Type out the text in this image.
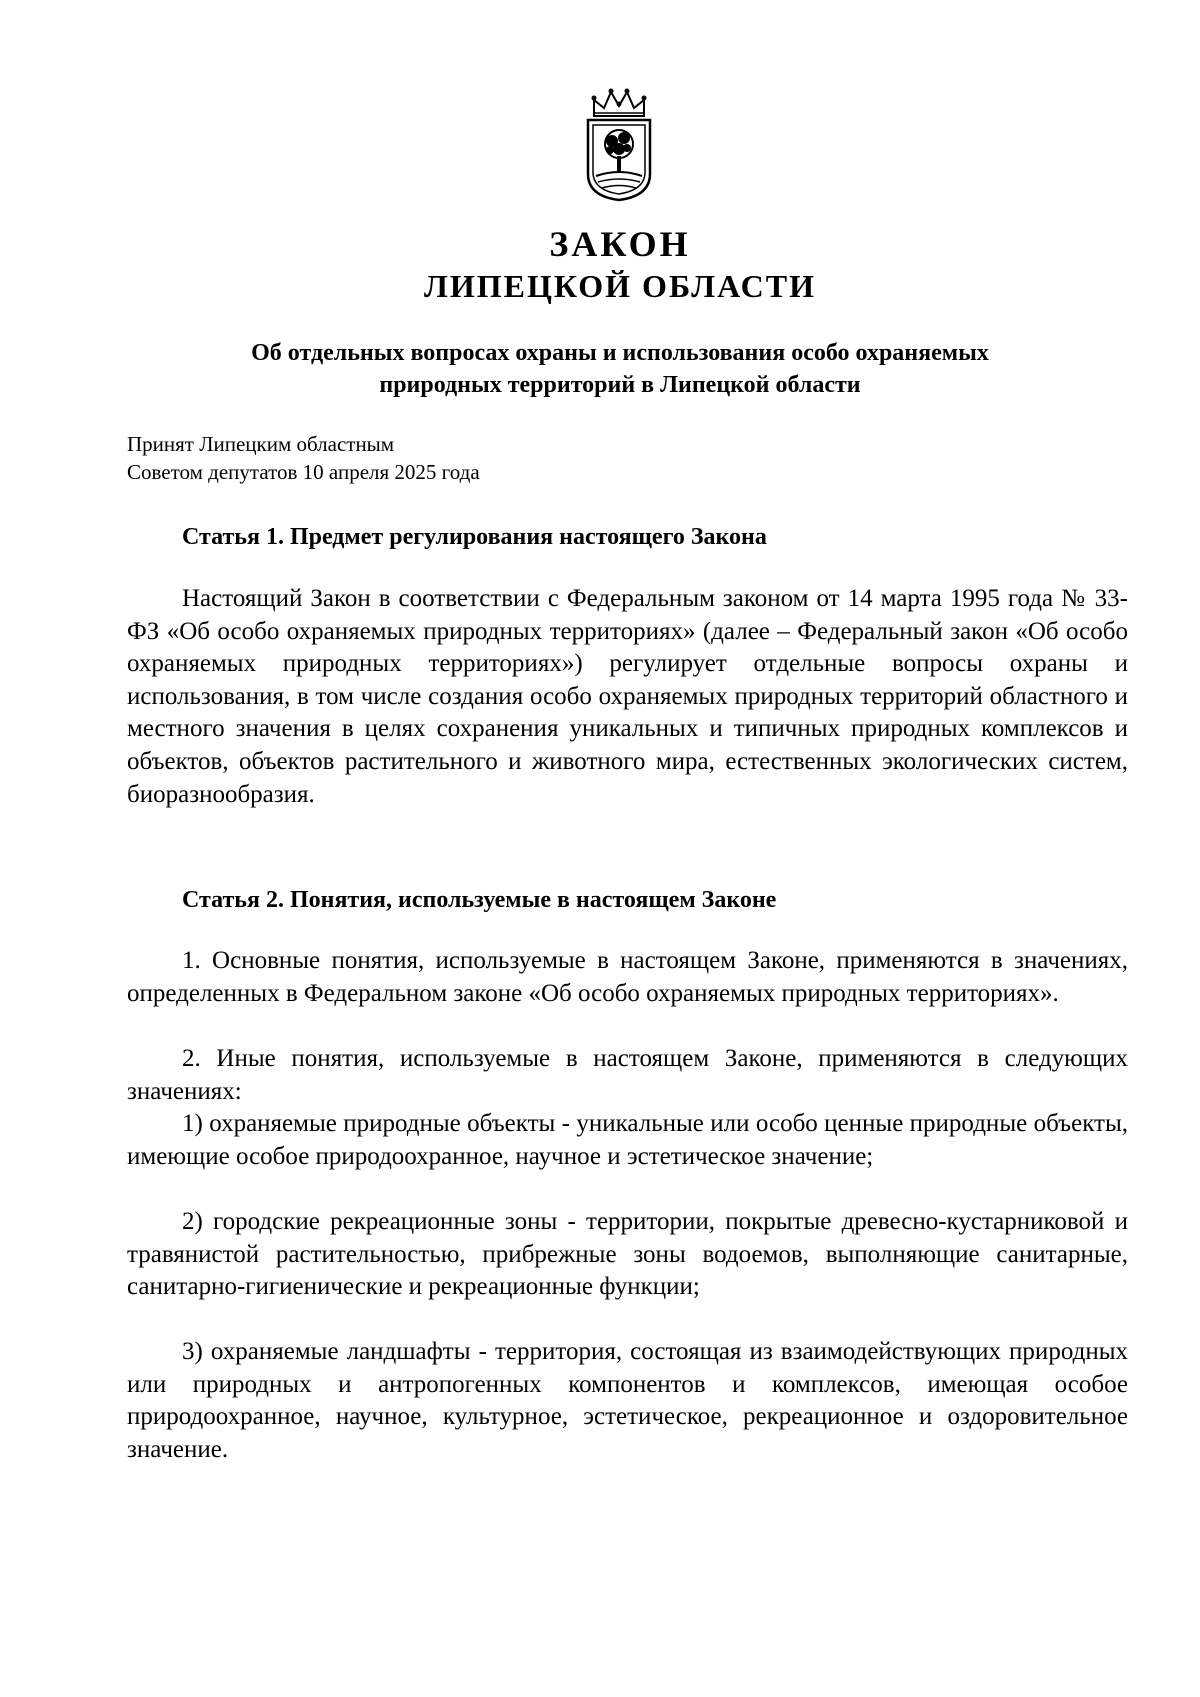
ЗАКОН
ЛИПЕЦКОЙ ОБЛАСТИ
Об отдельных вопросах охраны и использования особо охраняемых
природных территорий в Липецкой области
Принят Липецким областным
Советом депутатов 10 апреля 2025 года
Статья 1. Предмет регулирования настоящего Закона

Настоящий Закон в соответствии с Федеральным законом от 14 марта 1995 года № 33-ФЗ «Об особо охраняемых природных территориях» (далее – Федеральный закон «Об особо охраняемых природных территориях») регулирует отдельные вопросы охраны и использования, в том числе создания особо охраняемых природных территорий областного и местного значения в целях сохранения уникальных и типичных природных комплексов и объектов, объектов растительного и животного мира, естественных экологических систем, биоразнообразия.

Статья 2. Понятия, используемые в настоящем Законе

1. Основные понятия, используемые в настоящем Законе, применяются в значениях, определенных в Федеральном законе «Об особо охраняемых природных территориях».

2. Иные понятия, используемые в настоящем Законе, применяются в следующих значениях:

1) охраняемые природные объекты - уникальные или особо ценные природные объекты, имеющие особое природоохранное, научное и эстетическое значение;

2) городские рекреационные зоны - территории, покрытые древесно-кустарниковой и травянистой растительностью, прибрежные зоны водоемов, выполняющие санитарные, санитарно-гигиенические и рекреационные функции;

3) охраняемые ландшафты - территория, состоящая из взаимодействующих природных или природных и антропогенных компонентов и комплексов, имеющая особое природоохранное, научное, культурное, эстетическое, рекреационное и оздоровительное значение.
